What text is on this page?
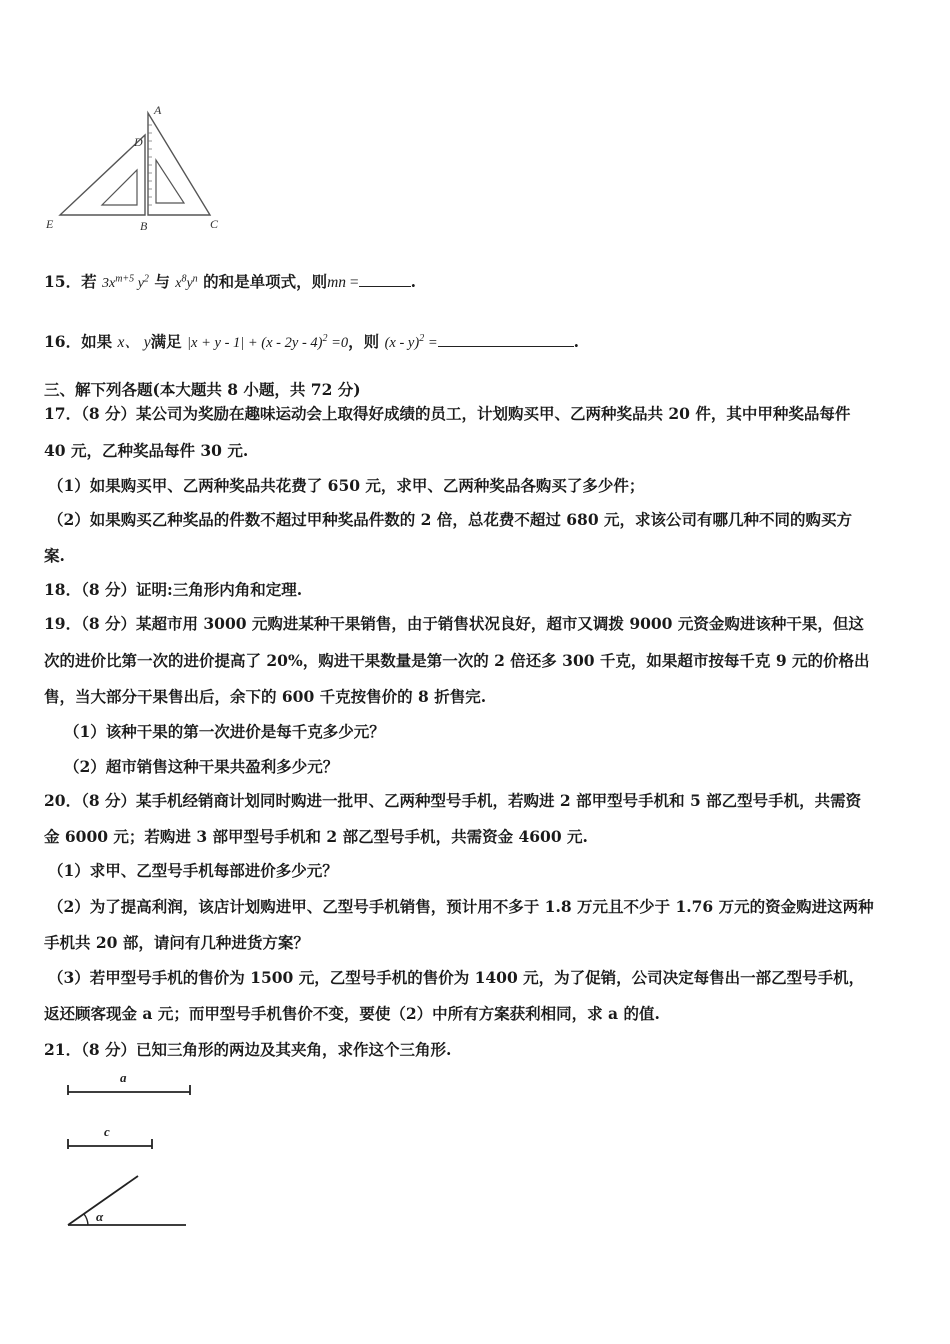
A
D
E	B	C
15．若 $3x^{m+5}$ $y^2$ 与 $x^8y^n$ 的和是单项式，则mn =	.
16．如果 x、 y满足 |x + y - 1| + (x - 2y - 4)$^2$ =0，则 (x - y)$^2$ =	.
三、解下列各题(本大题共 8 小题，共 72 分)
17．（8 分）某公司为奖励在趣味运动会上取得好成绩的员工，计划购买甲、乙两种奖品共 20 件，其中甲种奖品每件
40 元，乙种奖品每件 30 元.
（1）如果购买甲、乙两种奖品共花费了 650 元，求甲、乙两种奖品各购买了多少件；
（2）如果购买乙种奖品的件数不超过甲种奖品件数的 2 倍，总花费不超过 680 元，求该公司有哪几种不同的购买方
案.
18．（8 分）证明:三角形内角和定理.
19．（8 分）某超市用 3000 元购进某种干果销售，由于销售状况良好，超市又调拨 9000 元资金购进该种干果，但这
次的进价比第一次的进价提高了 20%，购进干果数量是第一次的 2 倍还多 300 千克，如果超市按每千克 9 元的价格出
售，当大部分干果售出后，余下的 600 千克按售价的 8 折售完.
（1）该种干果的第一次进价是每千克多少元？
（2）超市销售这种干果共盈利多少元？
20．（8 分）某手机经销商计划同时购进一批甲、乙两种型号手机，若购进 2 部甲型号手机和 5 部乙型号手机，共需资
金 6000 元；若购进 3 部甲型号手机和 2 部乙型号手机，共需资金 4600 元.
（1）求甲、乙型号手机每部进价多少元？
（2）为了提高利润，该店计划购进甲、乙型号手机销售，预计用不多于 1.8 万元且不少于 1.76 万元的资金购进这两种
手机共 20 部，请问有几种进货方案？
（3）若甲型号手机的售价为 1500 元，乙型号手机的售价为 1400 元，为了促销，公司决定每售出一部乙型号手机，
返还顾客现金 a 元；而甲型号手机售价不变，要使（2）中所有方案获利相同，求 a 的值.
21．（8 分）已知三角形的两边及其夹角，求作这个三角形.
a
c
α
